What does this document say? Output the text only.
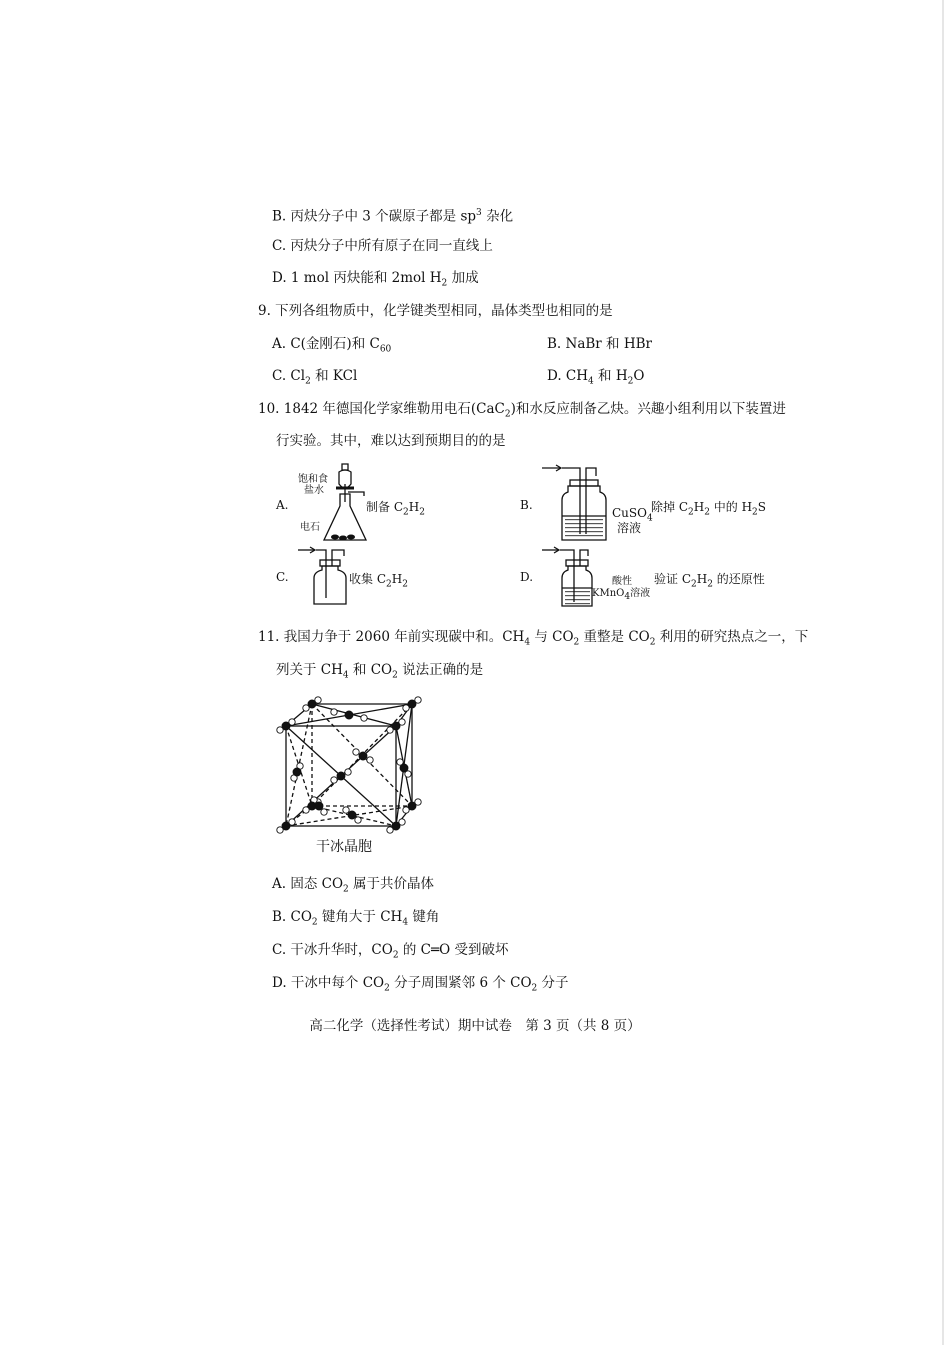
B. 丙炔分子中 3 个碳原子都是 $sp^3$ 杂化
C. 丙炔分子中所有原子在同一直线上
D. 1 mol 丙炔能和 2mol $H_2$ 加成
9. 下列各组物质中，化学键类型相同，晶体类型也相同的是
A. C(金刚石)和 $C_{60}$	B. NaBr 和 HBr
C. $Cl_2$ 和 KCl	D. $CH_4$ 和 $H_2O$
10. 1842 年德国化学家维勒用电石(CaC$_2$)和水反应制备乙炔。兴趣小组利用以下装置进
行实验。其中，难以达到预期目的的是
A.
饱和食
盐水
电石
制备 $C_2H_2$
B.
CuSO$_4$
溶液
除掉 $C_2H_2$ 中的 $H_2S$
C.	收集 $C_2H_2$
D.	酸性
KMnO$_4$溶液
验证 $C_2H_2$ 的还原性
11. 我国力争于 2060 年前实现碳中和。$CH_4$ 与 $CO_2$ 重整是 $CO_2$ 利用的研究热点之一，下
列关于 $CH_4$ 和 $CO_2$ 说法正确的是
干冰晶胞
A. 固态 $CO_2$ 属于共价晶体
B. $CO_2$ 键角大于 $CH_4$ 键角
C. 干冰升华时，$CO_2$ 的 C═O 受到破坏
D. 干冰中每个 $CO_2$ 分子周围紧邻 6 个 $CO_2$ 分子
高二化学（选择性考试）期中试卷　第 3 页（共 8 页）
